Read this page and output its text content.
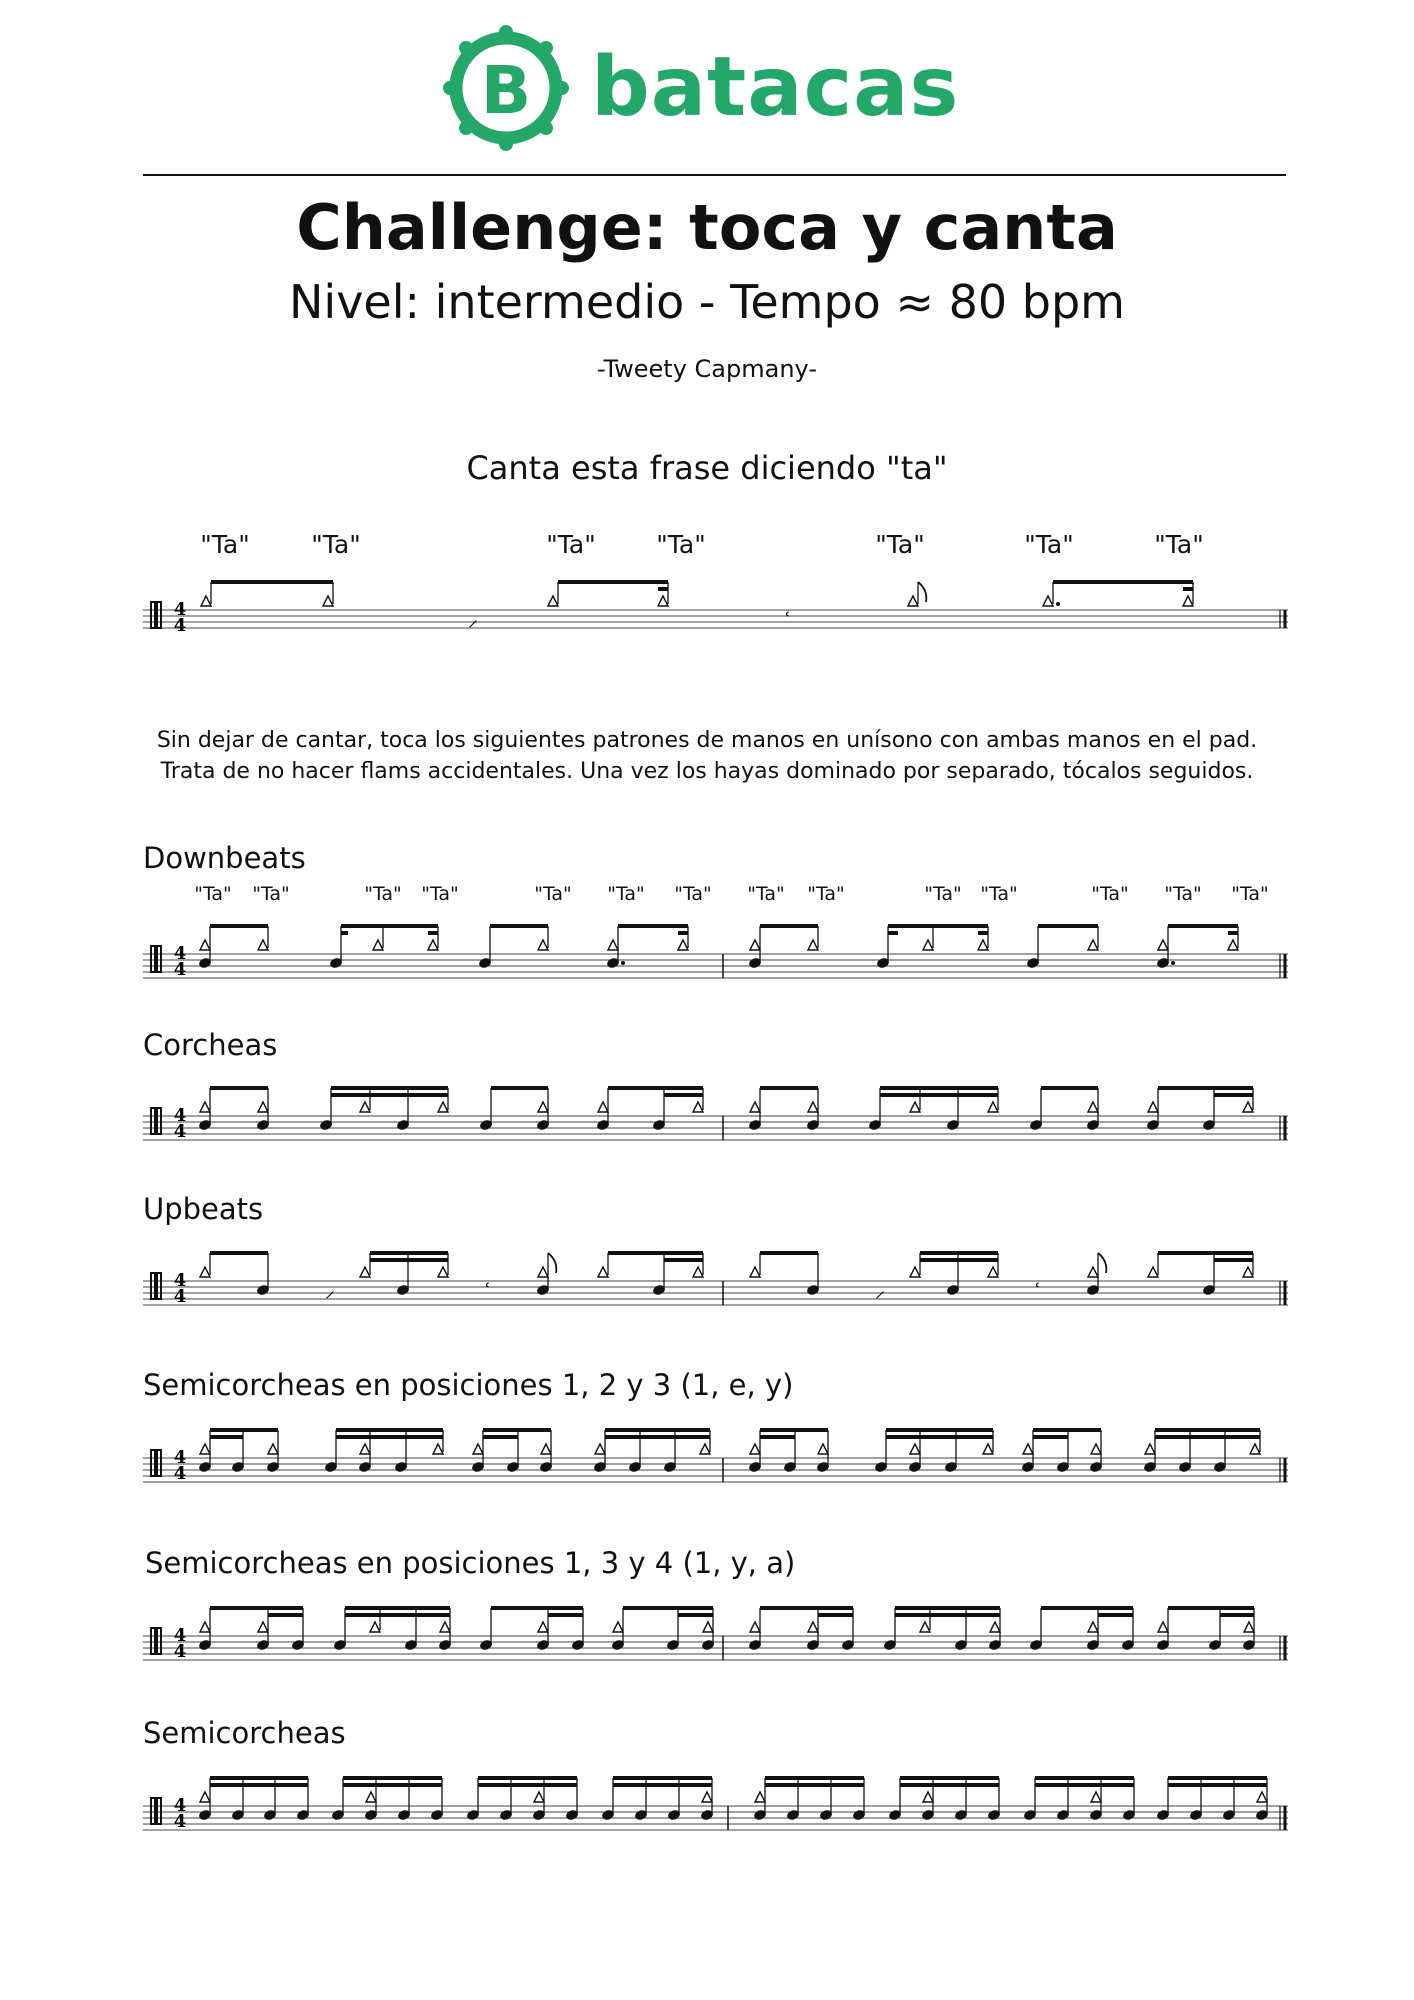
B batacas
Challenge: toca y canta
Nivel: intermedio - Tempo ≈ 80 bpm
-Tweety Capmany-
Canta esta frase diciendo "ta"
4
4	⸝	ʿ
"Ta" "Ta"	"Ta" "Ta"	"Ta"	"Ta"	"Ta"
Sin dejar de cantar, toca los siguientes patrones de manos en unísono con ambas manos en el pad.
Trata de no hacer flams accidentales. Una vez los hayas dominado por separado, tócalos seguidos.
Downbeats
4
4
"Ta" "Ta"	"Ta" "Ta"	"Ta" "Ta" "Ta" "Ta" "Ta"	"Ta" "Ta"	"Ta" "Ta" "Ta"
Corcheas
4
4
Upbeats
4
4	⸝	ʿ	⸝	ʿ
Semicorcheas en posiciones 1, 2 y 3 (1, e, y)
4
4
Semicorcheas en posiciones 1, 3 y 4 (1, y, a)
4
4
Semicorcheas
4
4
